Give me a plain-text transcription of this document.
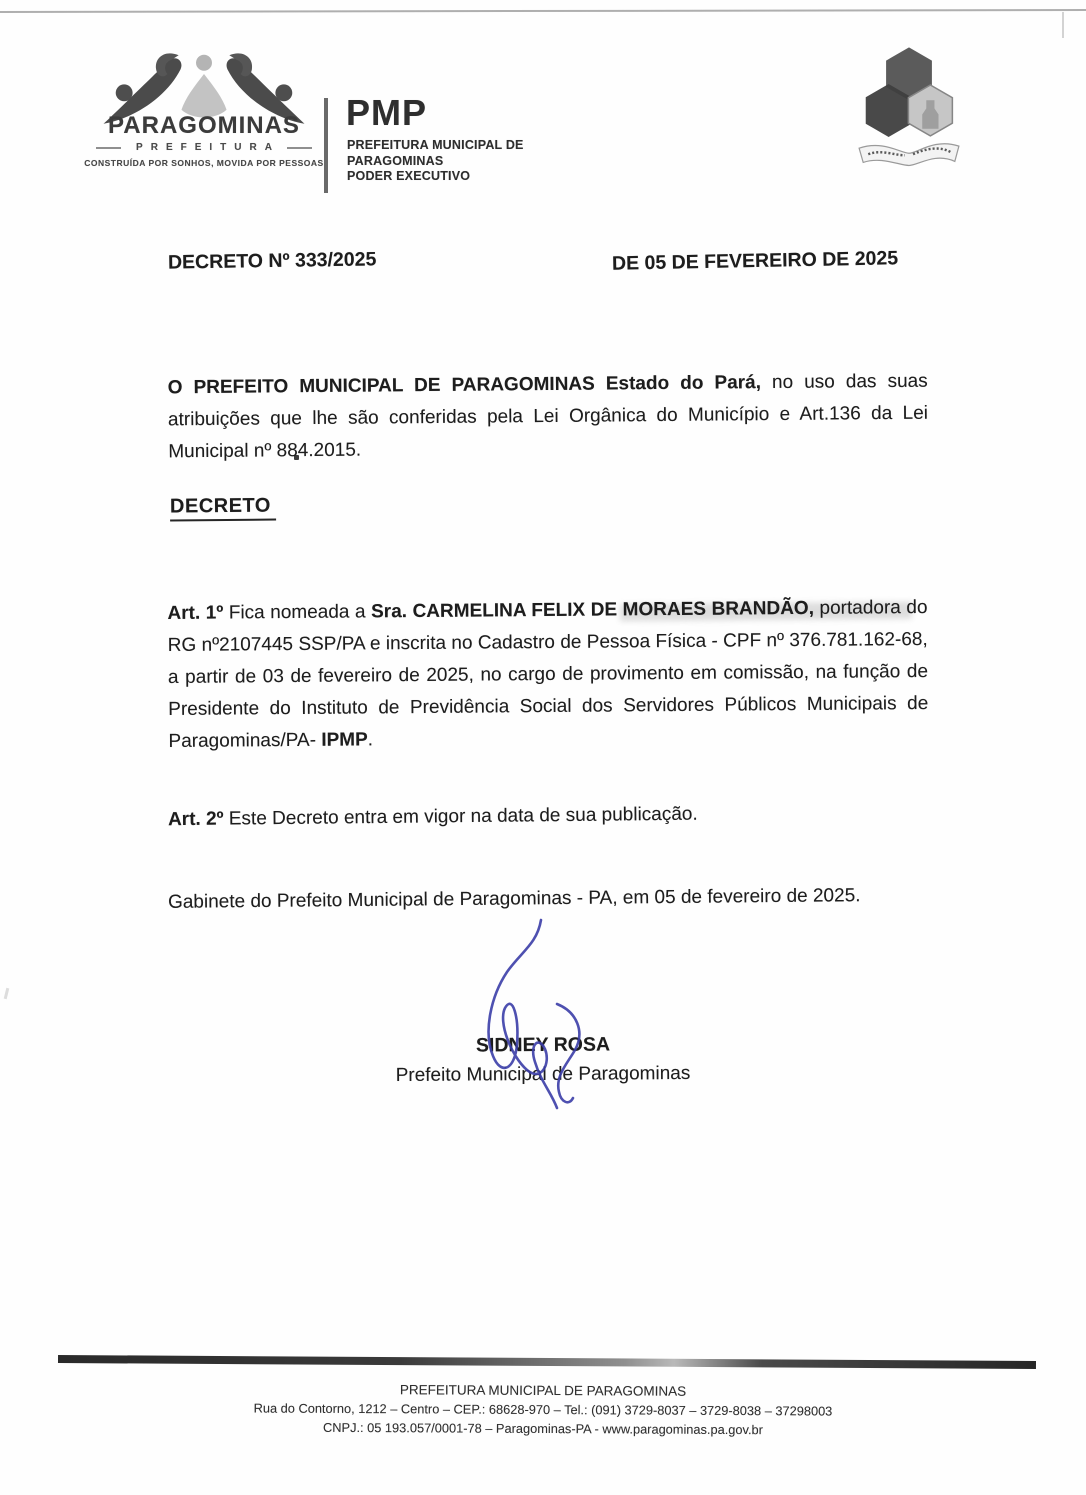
PARAGOMINAS
PREFEITURA
CONSTRUÍDA POR SONHOS, MOVIDA POR PESSOAS
PMP
PREFEITURA MUNICIPAL DE
PARAGOMINAS
PODER EXECUTIVO
DECRETO Nº 333/2025	DE 05 DE FEVEREIRO DE 2025

O PREFEITO MUNICIPAL DE PARAGOMINAS Estado do Pará, no uso das suas atribuições que lhe são conferidas pela Lei Orgânica do Município e Art.136 da Lei Municipal nº 884.2015.

DECRETO

Art. 1º Fica nomeada a Sra. CARMELINA FELIX DE MORAES BRANDÃO, portadora do RG nº2107445 SSP/PA e inscrita no Cadastro de Pessoa Física - CPF nº 376.781.162-68, a partir de 03 de fevereiro de 2025, no cargo de provimento em comissão, na função de Presidente do Instituto de Previdência Social dos Servidores Públicos Municipais de Paragominas/PA- IPMP.

Art. 2º Este Decreto entra em vigor na data de sua publicação.

Gabinete do Prefeito Municipal de Paragominas - PA, em 05 de fevereiro de 2025.

SIDNEY ROSA
Prefeito Municipal de Paragominas
PREFEITURA MUNICIPAL DE PARAGOMINAS
Rua do Contorno, 1212 – Centro – CEP.: 68628-970 – Tel.: (091) 3729-8037 – 3729-8038 – 37298003
CNPJ.: 05 193.057/0001-78 – Paragominas-PA - www.paragominas.pa.gov.br
